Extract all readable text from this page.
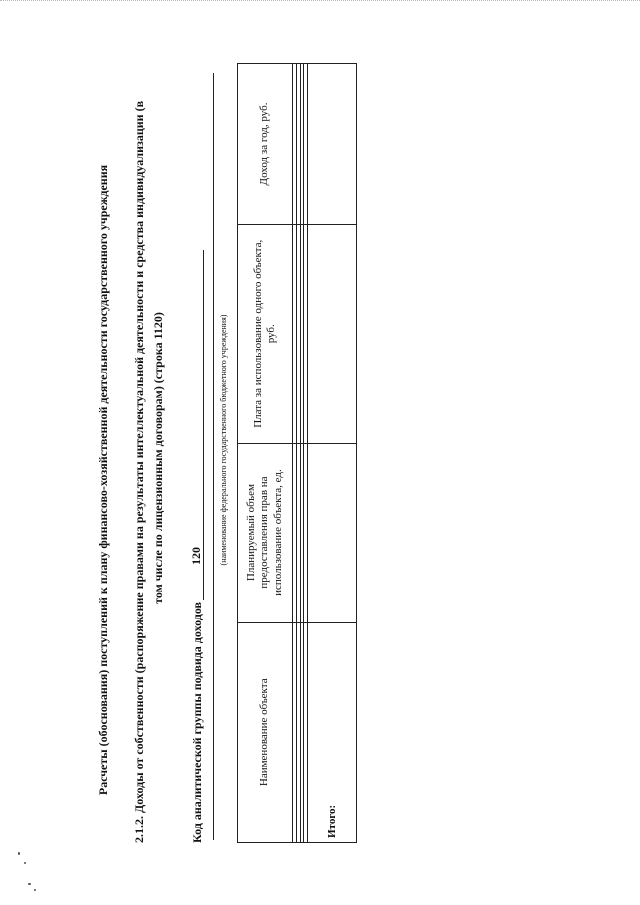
Расчеты (обоснования) поступлений к плану финансово-хозяйственной деятельности государственного учреждения 2.1.2. Доходы от собственности (распоряжение правами на результаты интеллектуальной деятельности и средства индивидуализации (в том числе по лицензионным договорам) (строка 1120)
Код аналитической группы подвида доходов
120 (наименование федерального государственного бюджетного учреждения)
Наименование объекта	Планируемый объем предоставления прав на использование объекта, ед.	Плата за использование одного объекта, руб.	Доход за год, руб.

Итого:			
